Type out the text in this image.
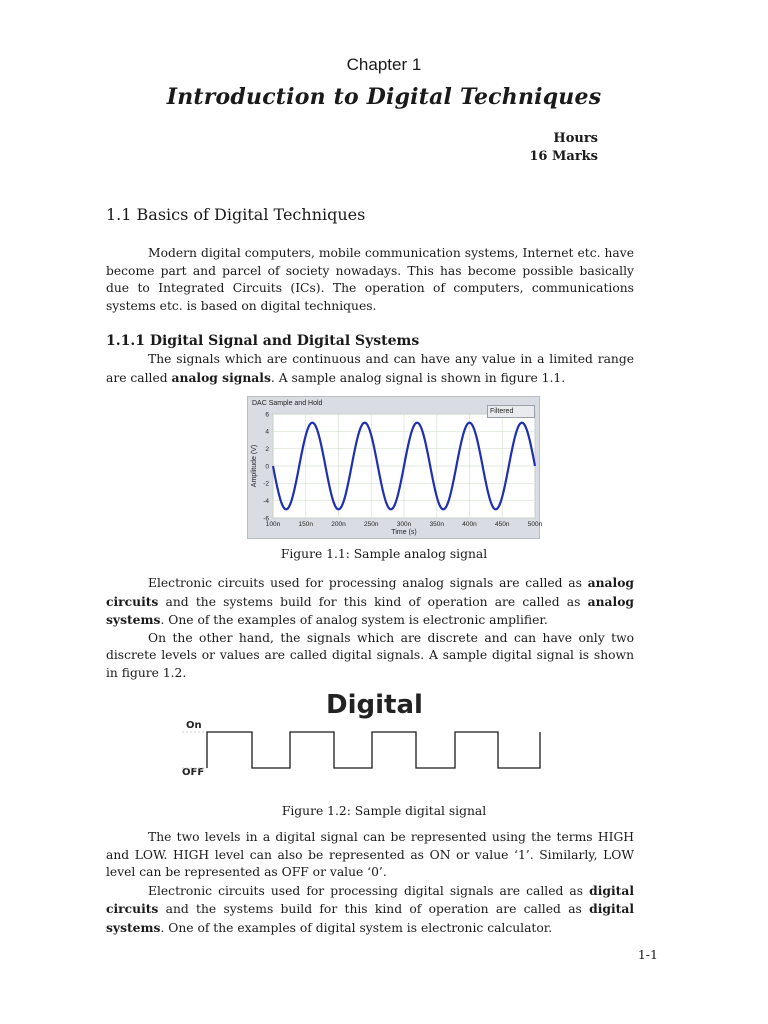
Chapter 1
Introduction to Digital Techniques
Hours
16 Marks
1.1 Basics of Digital Techniques

Modern digital computers, mobile communication systems, Internet etc. have become part and parcel of society nowadays. This has become possible basically due to Integrated Circuits (ICs). The operation of computers, communications systems etc. is based on digital techniques.

1.1.1 Digital Signal and Digital Systems

The signals which are continuous and can have any value in a limited range are called analog signals. A sample analog signal is shown in figure 1.1.

DAC Sample and Hold
100n	150n	200n	250n	300n	350n	400n	450n	500n
6
4
2
0
-2
-4
-6
Time (s)
Amplitude (V)
Filtered
Figure 1.1: Sample analog signal

Electronic circuits used for processing analog signals are called as analog circuits and the systems build for this kind of operation are called as analog systems. One of the examples of analog system is electronic amplifier.

On the other hand, the signals which are discrete and can have only two discrete levels or values are called digital signals. A sample digital signal is shown in figure 1.2.

Digital
On
OFF
Figure 1.2: Sample digital signal

The two levels in a digital signal can be represented using the terms HIGH and LOW. HIGH level can also be represented as ON or value ‘1’. Similarly, LOW level can be represented as OFF or value ‘0’.

Electronic circuits used for processing digital signals are called as digital circuits and the systems build for this kind of operation are called as digital systems. One of the examples of digital system is electronic calculator.

1-1
